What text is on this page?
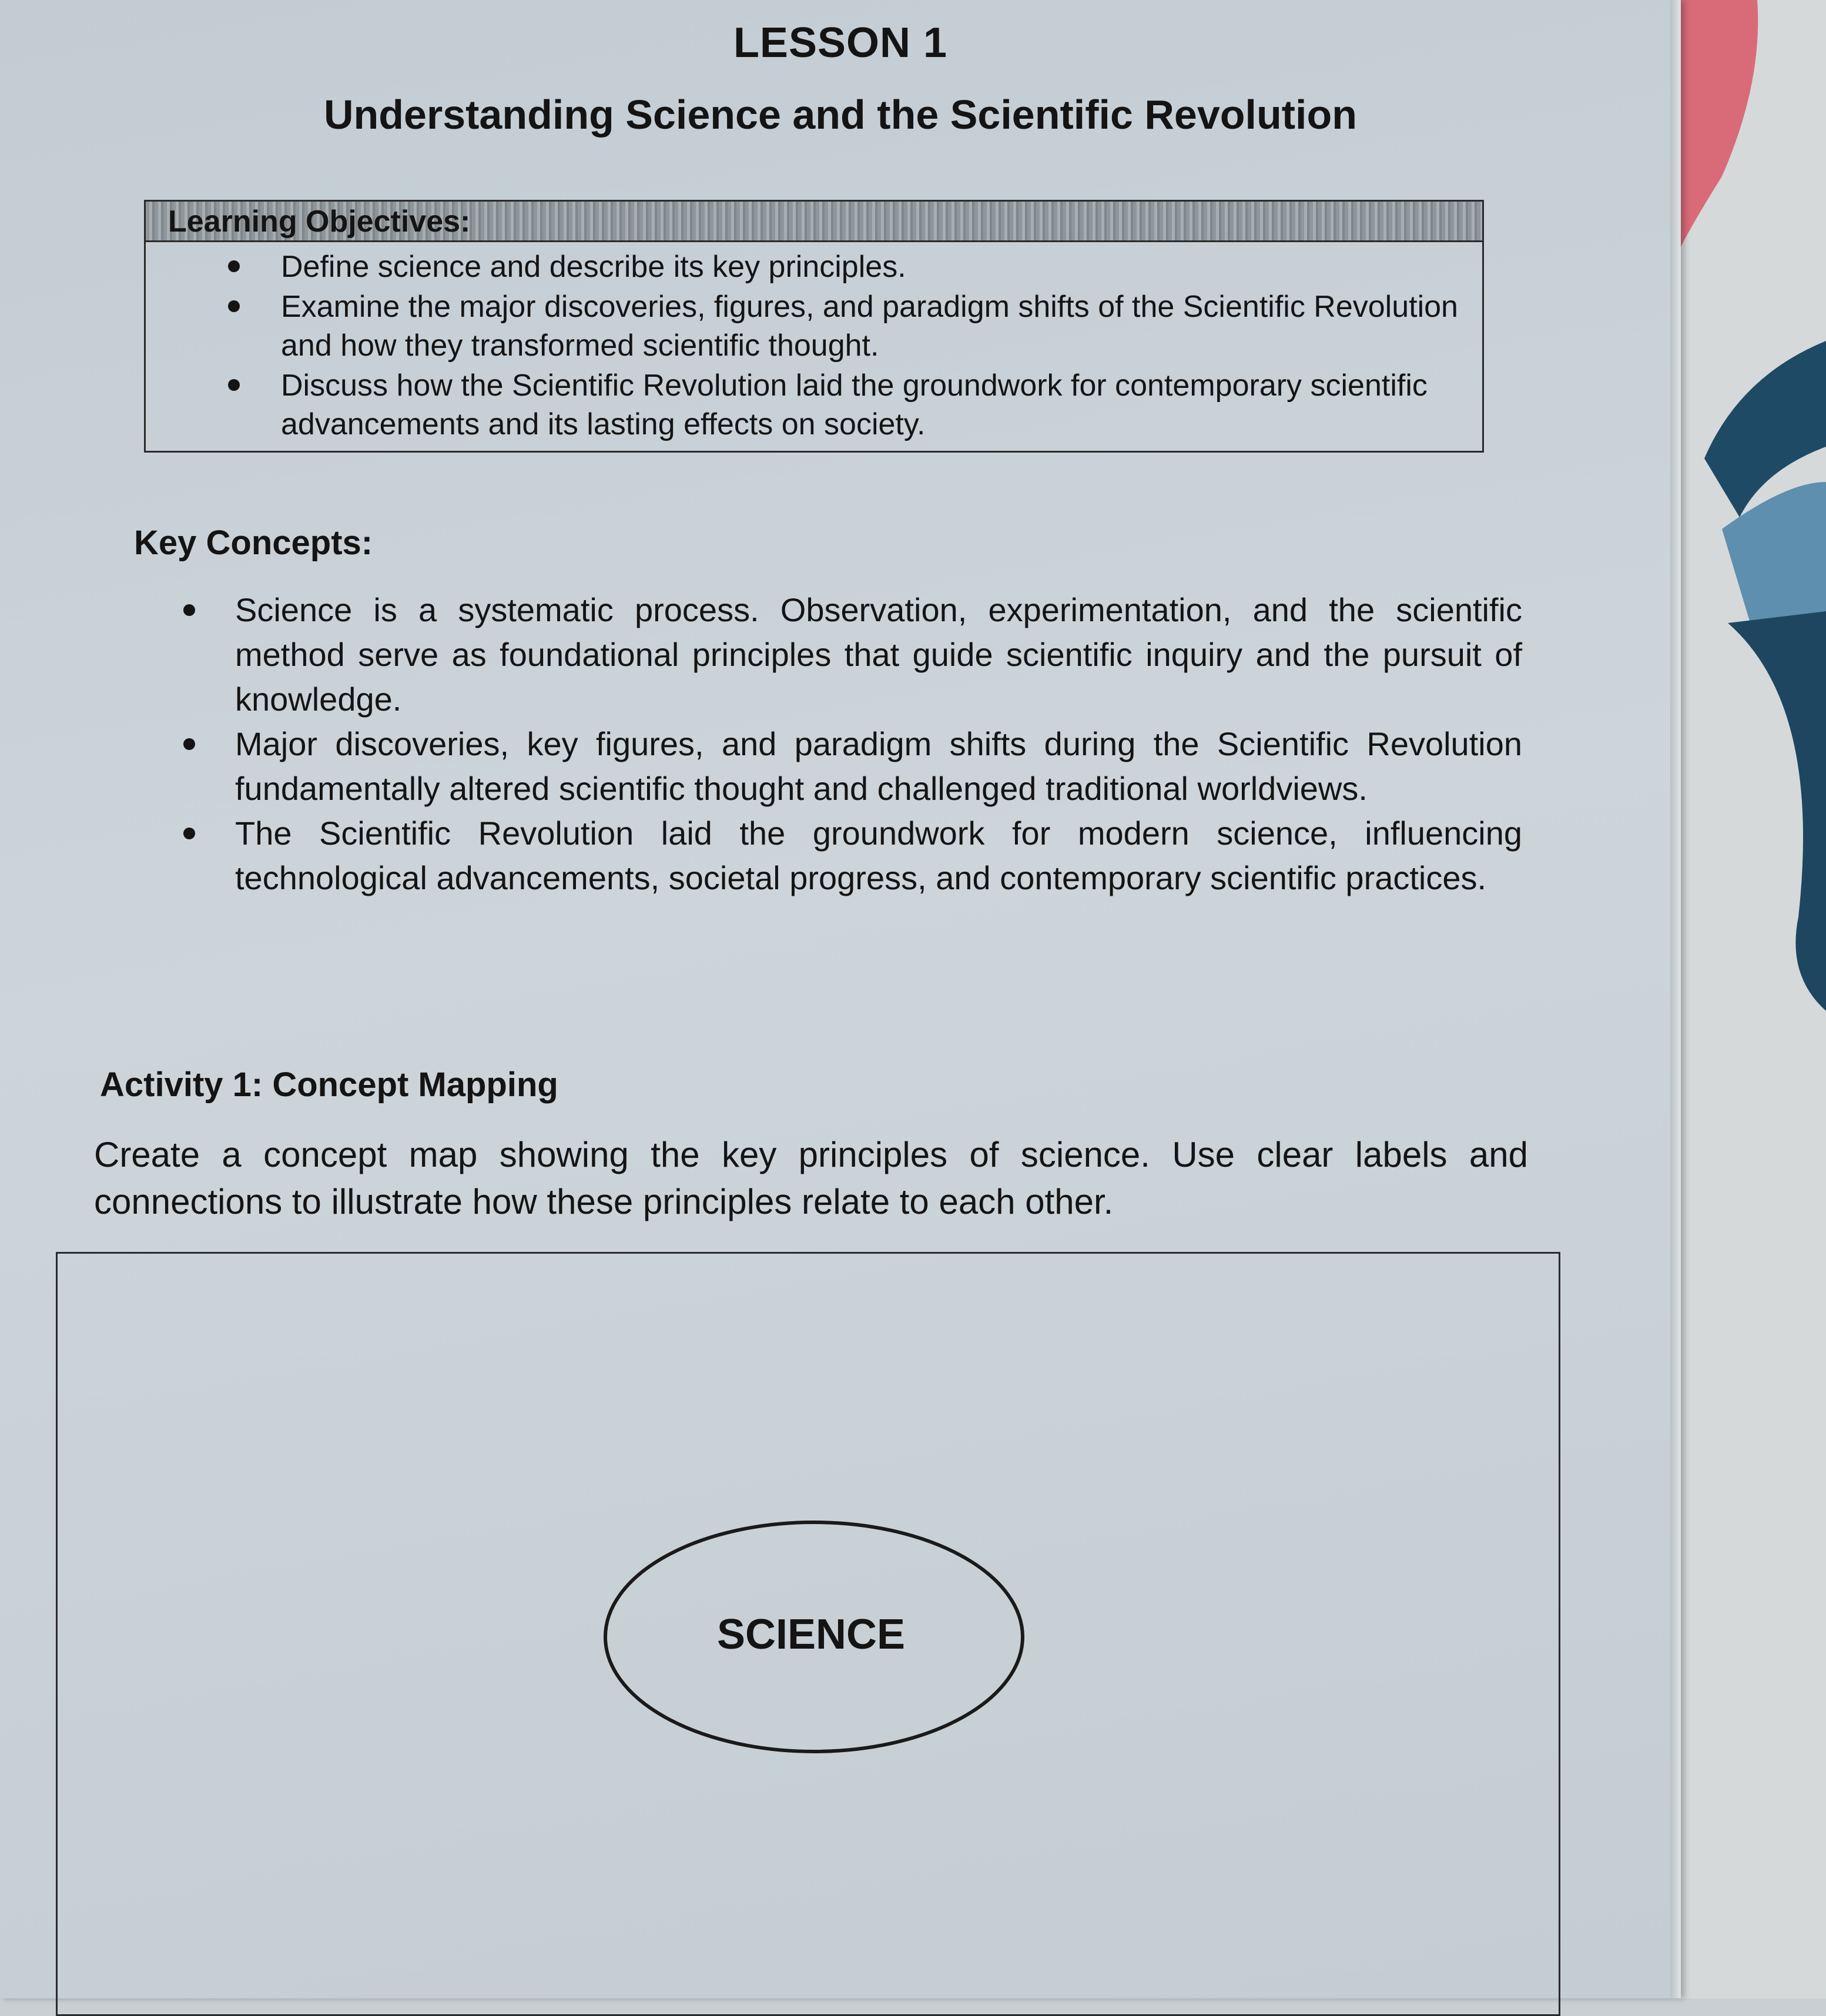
LESSON 1
Understanding Science and the Scientific Revolution
Learning Objectives:
Define science and describe its key principles.
Examine the major discoveries, figures, and paradigm shifts of the Scientific Revolution and how they transformed scientific thought.
Discuss how the Scientific Revolution laid the groundwork for contemporary scientific advancements and its lasting effects on society.
Key Concepts:
Science is a systematic process. Observation, experimentation, and the scientific method serve as foundational principles that guide scientific inquiry and the pursuit of knowledge.
Major discoveries, key figures, and paradigm shifts during the Scientific Revolution fundamentally altered scientific thought and challenged traditional worldviews.
The Scientific Revolution laid the groundwork for modern science, influencing technological advancements, societal progress, and contemporary scientific practices.
Activity 1: Concept Mapping
Create a concept map showing the key principles of science. Use clear labels and connections to illustrate how these principles relate to each other.
SCIENCE
